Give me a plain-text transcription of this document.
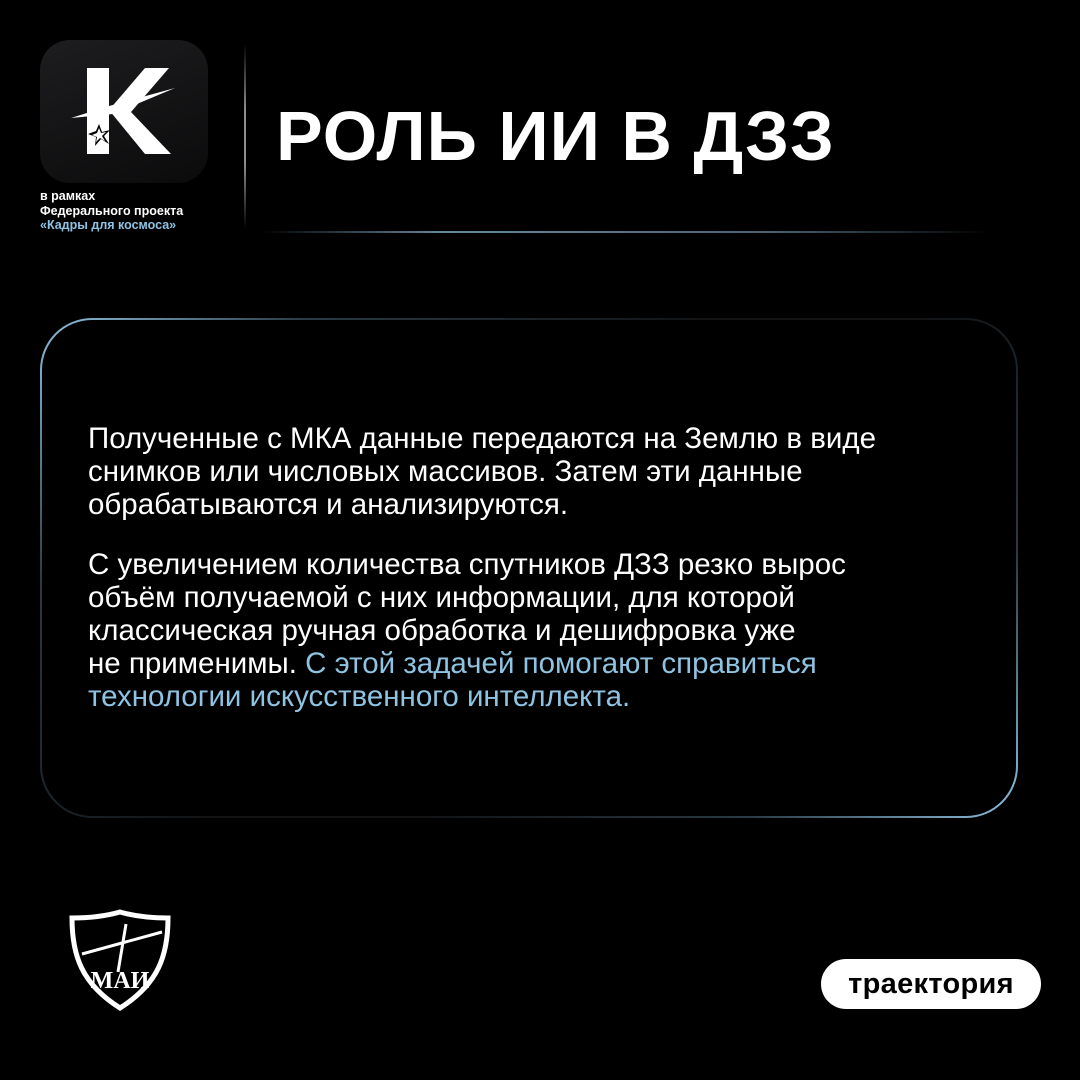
в рамках
Федерального проекта
«Кадры для космоса»
РОЛЬ ИИ В ДЗЗ

Полученные с МКА данные передаются на Землю в виде
снимков или числовых массивов. Затем эти данные
обрабатываются и анализируются.

С увеличением количества спутников ДЗЗ резко вырос
объём получаемой с них информации, для которой
классическая ручная обработка и дешифровка уже
не применимы. С этой задачей помогают справиться
технологии искусственного интеллекта.

МАИ	траектория
